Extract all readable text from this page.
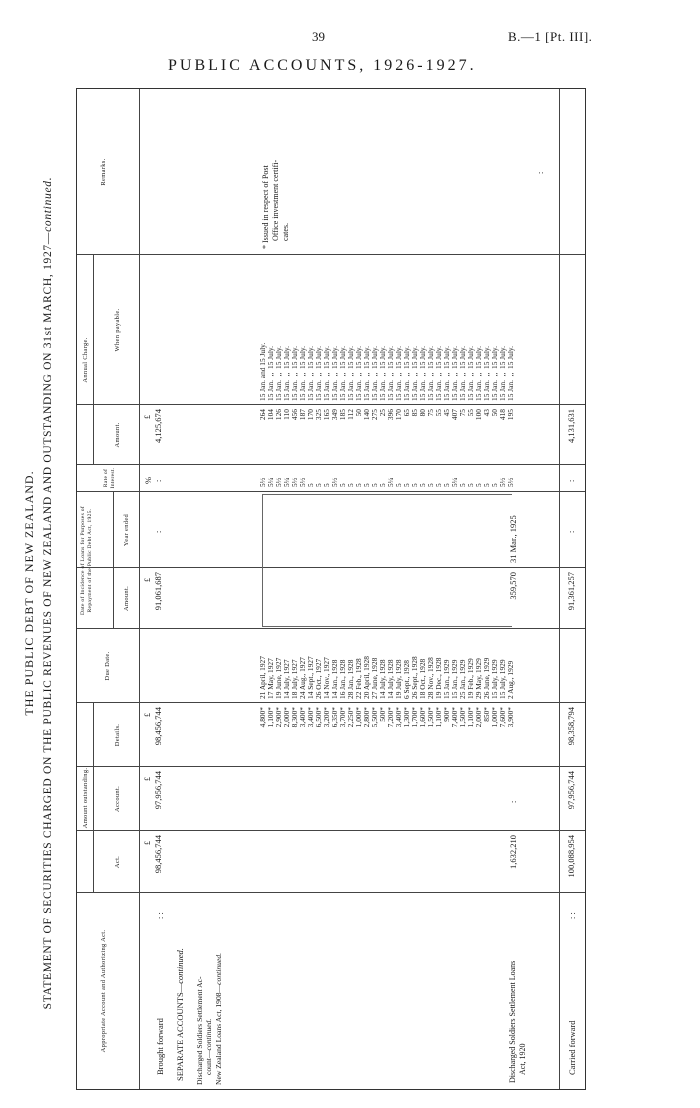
39	B.—1 [Pt. III].
PUBLIC ACCOUNTS, 1926-1927.
THE PUBLIC DEBT OF NEW ZEALAND. STATEMENT OF SECURITIES CHARGED ON THE PUBLIC REVENUES OF NEW ZEALAND AND OUTSTANDING ON 31st MARCH, 1927—continued.
Appropriate Account and Authorizing Act.
Amount outstanding.
Act.
Account.
Details.
Due Date.
Date of Incidence of Loans for Purposes of Repayment of the Public Debt Act, 1925.	Amount.
Year ended
Rate of Interest.
Annual Charge.
Amount.
When payable.
Remarks.
Brought forward
: :
£
£
£
£
£
98,456,744
97,956,744
98,456,744
91,061,687
:
% :
4,125,674
SEPARATE ACCOUNTS—continued.
Discharged Soldiers Settlement Ac- count—continued. New Zealand Loans Act, 1908—continued.
4,800* 1,100* 2,900* 2,000* 8,300* 3,400* 3,400* 6,500* 3,200* 6,350* 3,700* 2,250* 1,000* 2,800* 5,500* 500* 7,200* 3,400* 1,300* 1,700* 1,600* 1,500* 1,100* 900* 7,400* 1,500* 1,100* 2,000* 850* 1,000* 7,600* 3,900*
21 April, 1927 17 May, 1927 19 June, 1927 14 July, 1927 18 July, 1927 24 Aug., 1927 14 Sept., 1927 26 Oct., 1927 14 Nov., 1927 14 Jan., 1928 16 Jan., 1928 28 Jan., 1928 22 Feb., 1928 20 April, 1928 27 June, 1928 14 July, 1928 14 July, 1928 19 July, 1928 6 Sept., 1928 26 Sept., 1928 18 Oct., 1928 28 Nov., 1928 19 Dec., 1928 15 Jan., 1929 15 Jan., 1929 25 Jan., 1929 19 Feb., 1929 29 May, 1929 26 June, 1929 15 July, 1929 15 July, 1929 2 Aug., 1929
5½ 5¼ 5½ 5¼ 5½ 5½ 5 5 5 5½ 5 5 5 5 5 5 5¼ 5 5 5 5 5 5 5 5¼ 5 5 5 5 5 5½ 5½
264 104 126 110 456 187 170 325 165 349 185 112 50 140 275 25 396 170 65 85 80 75 55 45 407 75 55 100 43 50 418 195
15 Jan. and 15 July. 15 Jan.  ,,  15 July. 15 Jan.  ,,  15 July. 15 Jan.  ,,  15 July. 15 Jan.  ,,  15 July. 15 Jan.  ,,  15 July. 15 Jan.  ,,  15 July. 15 Jan.  ,,  15 July. 15 Jan.  ,,  15 July. 15 Jan.  ,,  15 July. 15 Jan.  ,,  15 July. 15 Jan.  ,,  15 July. 15 Jan.  ,,  15 July. 15 Jan.  ,,  15 July. 15 Jan.  ,,  15 July. 15 Jan.  ,,  15 July. 15 Jan.  ,,  15 July. 15 Jan.  ,,  15 July. 15 Jan.  ,,  15 July. 15 Jan.  ,,  15 July. 15 Jan.  ,,  15 July. 15 Jan.  ,,  15 July. 15 Jan.  ,,  15 July. 15 Jan.  ,,  15 July. 15 Jan.  ,,  15 July. 15 Jan.  ,,  15 July. 15 Jan.  ,,  15 July. 15 Jan.  ,,  15 July. 15 Jan.  ,,  15 July. 15 Jan.  ,,  15 July. 15 Jan.  ,,  15 July. 15 Jan.  ,,  15 July.
Discharged Soldiers Settlement Loans Act, 1920
1,632,210
:
359,570
31 Mar., 1925
* Issued in respect of Post Office investment certifi- cates.
:
Carried forward
: :
100,088,954
97,956,744
98,358,794
91,361,257
:
:
4,131,631
